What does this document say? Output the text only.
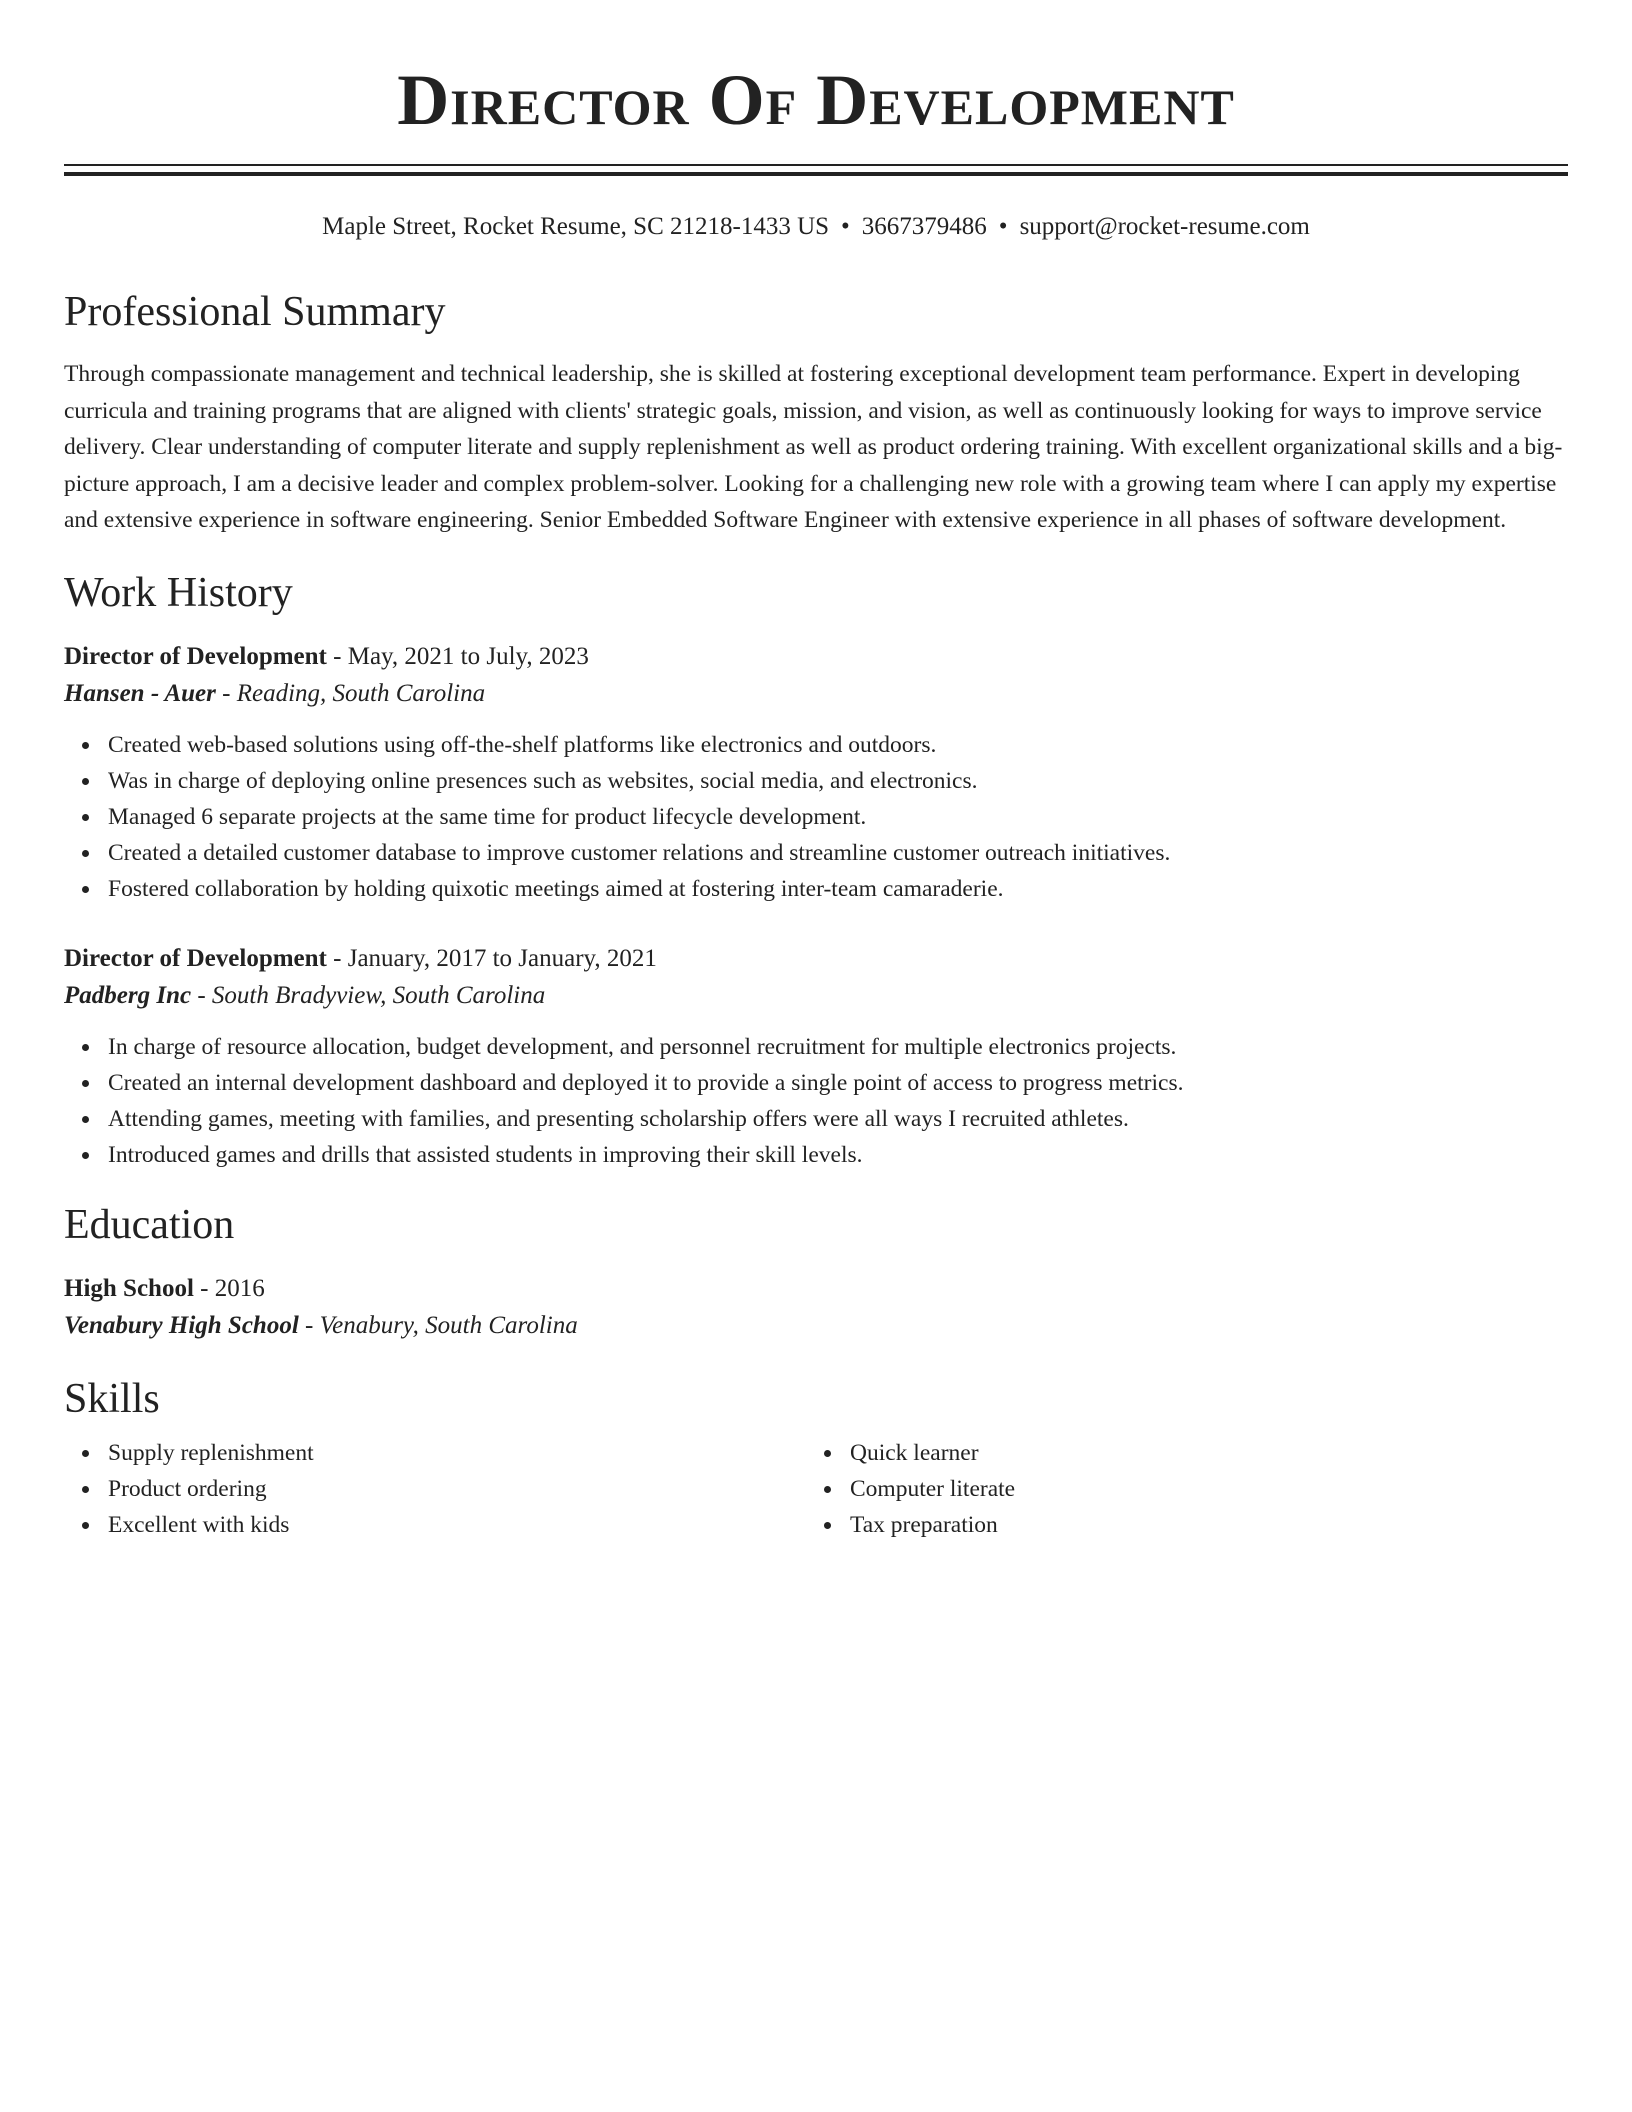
Director Of Development
Maple Street, Rocket Resume, SC 21218-1433 US • 3667379486 • support@rocket-resume.com
Professional Summary
Through compassionate management and technical leadership, she is skilled at fostering exceptional development team performance. Expert in developing curricula and training programs that are aligned with clients' strategic goals, mission, and vision, as well as continuously looking for ways to improve service delivery. Clear understanding of computer literate and supply replenishment as well as product ordering training. With excellent organizational skills and a big-picture approach, I am a decisive leader and complex problem-solver. Looking for a challenging new role with a growing team where I can apply my expertise and extensive experience in software engineering. Senior Embedded Software Engineer with extensive experience in all phases of software development.
Work History
Director of Development - May, 2021 to July, 2023
Hansen - Auer - Reading, South Carolina
Created web-based solutions using off-the-shelf platforms like electronics and outdoors.
Was in charge of deploying online presences such as websites, social media, and electronics.
Managed 6 separate projects at the same time for product lifecycle development.
Created a detailed customer database to improve customer relations and streamline customer outreach initiatives.
Fostered collaboration by holding quixotic meetings aimed at fostering inter-team camaraderie.
Director of Development - January, 2017 to January, 2021
Padberg Inc - South Bradyview, South Carolina
In charge of resource allocation, budget development, and personnel recruitment for multiple electronics projects.
Created an internal development dashboard and deployed it to provide a single point of access to progress metrics.
Attending games, meeting with families, and presenting scholarship offers were all ways I recruited athletes.
Introduced games and drills that assisted students in improving their skill levels.
Education
High School - 2016
Venabury High School - Venabury, South Carolina
Skills
Supply replenishment
Product ordering
Excellent with kids
Quick learner
Computer literate
Tax preparation
